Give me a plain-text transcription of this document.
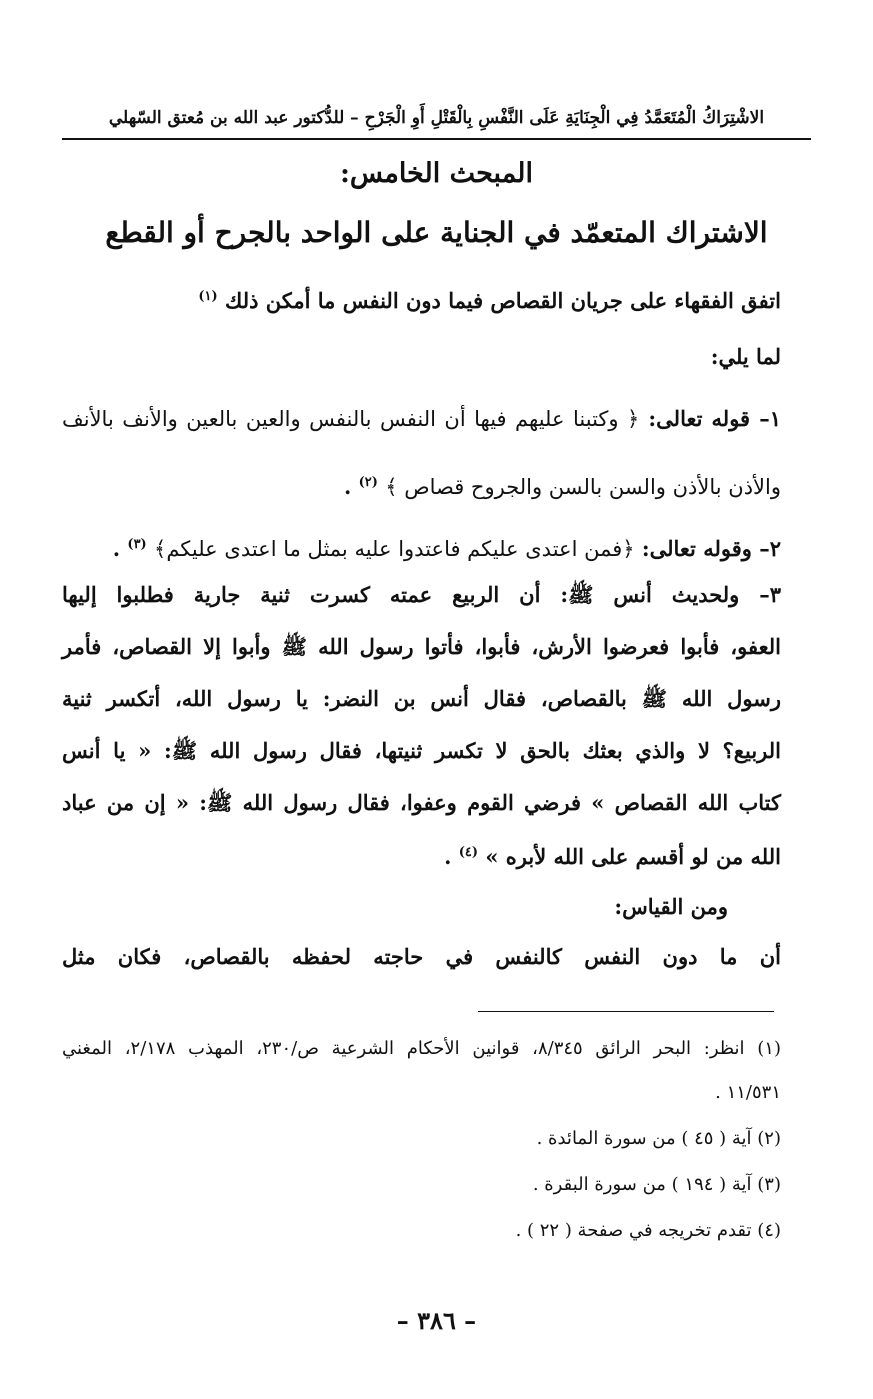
الاشْتِرَاكُ الْمُتَعَمَّدُ فِي الْجِنَايَةِ عَلَى النَّفْسِ بِالْقَتْلِ أَوِ الْجَرْحِ – للدُّكتور عبد الله بن مُعتق السّهلي
المبحث الخامس:
الاشتراك المتعمّد في الجناية على الواحد بالجرح أو القطع
اتفق الفقهاء على جريان القصاص فيما دون النفس ما أمكن ذلك $^{(١)}$
لما يلي:
١– قوله تعالى: ﴿ وكتبنا عليهم فيها أن النفس بالنفس والعين بالعين والأنف بالأنف
والأذن بالأذن والسن بالسن والجروح قصاص ﴾ $^{(٢)}$ .
٢– وقوله تعالى: ﴿فمن اعتدى عليكم فاعتدوا عليه بمثل ما اعتدى عليكم﴾ $^{(٣)}$ .
٣– ولحديث أنس ﷺ: أن الربيع عمته كسرت ثنية جارية فطلبوا إليها
العفو، فأبوا فعرضوا الأرش، فأبوا، فأتوا رسول الله ﷺ وأبوا إلا القصاص، فأمر
رسول الله ﷺ بالقصاص، فقال أنس بن النضر: يا رسول الله، أتكسر ثنية
الربيع؟ لا والذي بعثك بالحق لا تكسر ثنيتها، فقال رسول الله ﷺ: « يا أنس
كتاب الله القصاص » فرضي القوم وعفوا، فقال رسول الله ﷺ: « إن من عباد
الله من لو أقسم على الله لأبره » $^{(٤)}$ .
ومن القياس:
أن ما دون النفس كالنفس في حاجته لحفظه بالقصاص، فكان مثل
(١) انظر: البحر الرائق ٨/٣٤٥، قوانين الأحكام الشرعية ص/٢٣٠، المهذب ٢/١٧٨، المغني
١١/٥٣١ .
(٢) آية ( ٤٥ ) من سورة المائدة .
(٣) آية ( ١٩٤ ) من سورة البقرة .
(٤) تقدم تخريجه في صفحة ( ٢٢ ) .
– ٣٨٦ –
